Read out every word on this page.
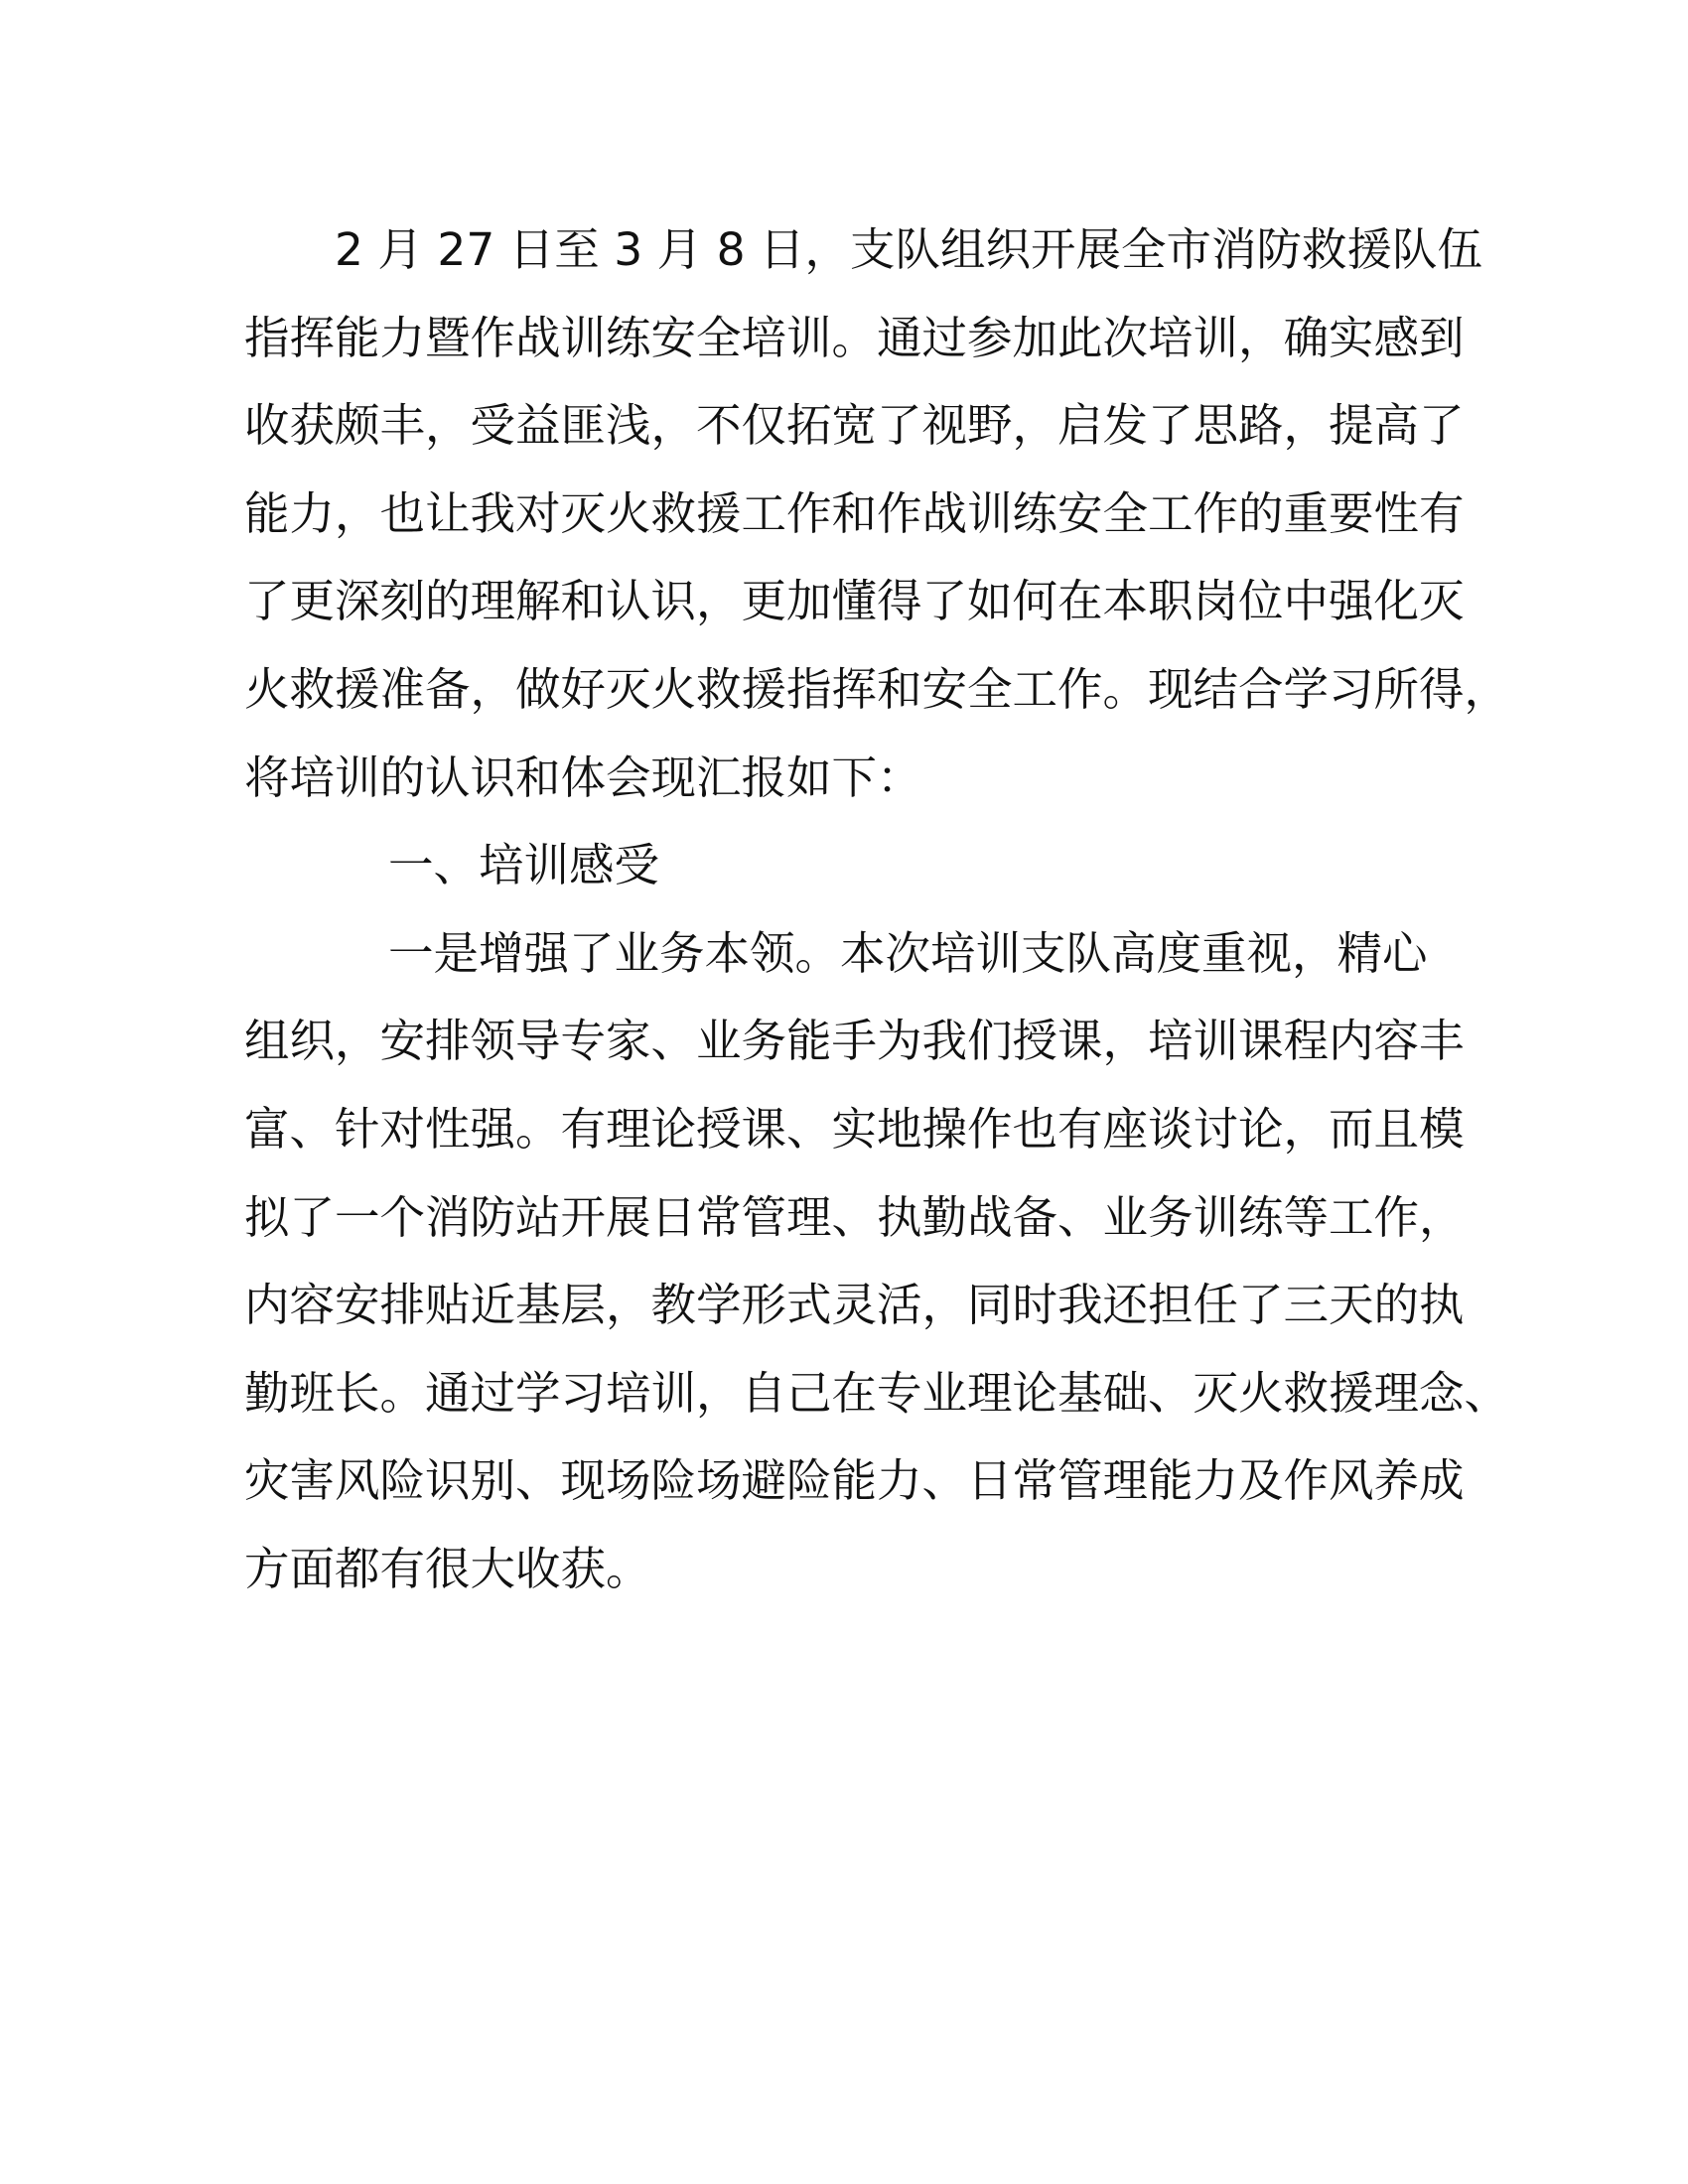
2 月 27 日至 3 月 8 日，支队组织开展全市消防救援队伍
指挥能力暨作战训练安全培训。通过参加此次培训，确实感到
收获颇丰，受益匪浅，不仅拓宽了视野，启发了思路，提高了
能力，也让我对灭火救援工作和作战训练安全工作的重要性有
了更深刻的理解和认识，更加懂得了如何在本职岗位中强化灭
火救援准备，做好灭火救援指挥和安全工作。现结合学习所得，
将培训的认识和体会现汇报如下：
一、培训感受
一是增强了业务本领。本次培训支队高度重视，精心
组织，安排领导专家、业务能手为我们授课，培训课程内容丰
富、针对性强。有理论授课、实地操作也有座谈讨论，而且模
拟了一个消防站开展日常管理、执勤战备、业务训练等工作，
内容安排贴近基层，教学形式灵活，同时我还担任了三天的执
勤班长。通过学习培训，自己在专业理论基础、灭火救援理念、
灾害风险识别、现场险场避险能力、日常管理能力及作风养成
方面都有很大收获。
